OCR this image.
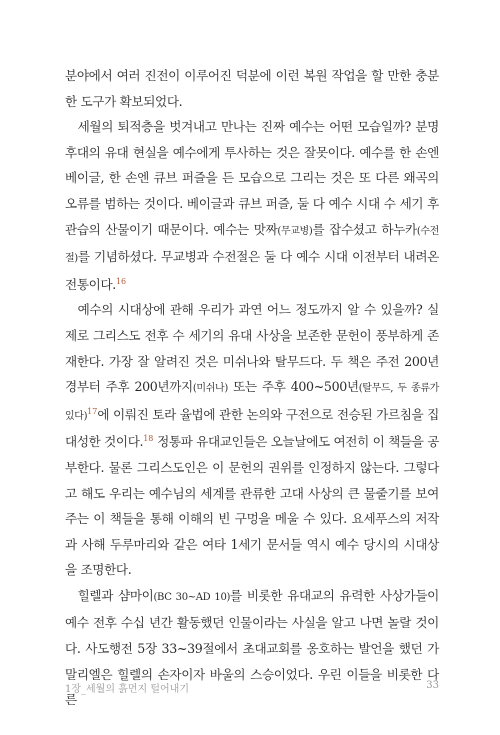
분야에서 여러 진전이 이루어진 덕분에 이런 복원 작업을 할 만한 충분한 도구가 확보되었다.

세월의 퇴적층을 벗겨내고 만나는 진짜 예수는 어떤 모습일까? 분명 후대의 유대 현실을 예수에게 투사하는 것은 잘못이다. 예수를 한 손엔 베이글, 한 손엔 큐브 퍼즐을 든 모습으로 그리는 것은 또 다른 왜곡의 오류를 범하는 것이다. 베이글과 큐브 퍼즐, 둘 다 예수 시대 수 세기 후 관습의 산물이기 때문이다. 예수는 맛짜(무교병)를 잡수셨고 하누카(수전절)를 기념하셨다. 무교병과 수전절은 둘 다 예수 시대 이전부터 내려온 전통이다.$^{16}$

예수의 시대상에 관해 우리가 과연 어느 정도까지 알 수 있을까? 실제로 그리스도 전후 수 세기의 유대 사상을 보존한 문헌이 풍부하게 존재한다. 가장 잘 알려진 것은 미쉬나와 탈무드다. 두 책은 주전 200년경부터 주후 200년까지(미쉬나) 또는 주후 400~500년(탈무드, 두 종류가 있다)$^{17}$에 이뤄진 토라 율법에 관한 논의와 구전으로 전승된 가르침을 집대성한 것이다.$^{18}$ 정통파 유대교인들은 오늘날에도 여전히 이 책들을 공부한다. 물론 그리스도인은 이 문헌의 권위를 인정하지 않는다. 그렇다고 해도 우리는 예수님의 세계를 관류한 고대 사상의 큰 물줄기를 보여주는 이 책들을 통해 이해의 빈 구멍을 메울 수 있다. 요세푸스의 저작과 사해 두루마리와 같은 여타 1세기 문서들 역시 예수 당시의 시대상을 조명한다.

힐렐과 샴마이(BC 30~AD 10)를 비롯한 유대교의 유력한 사상가들이 예수 전후 수십 년간 활동했던 인물이라는 사실을 알고 나면 놀랄 것이다. 사도행전 5장 33~39절에서 초대교회를 옹호하는 발언을 했던 가말리엘은 힐렐의 손자이자 바울의 스승이었다. 우린 이들을 비롯한 다른

1장_세월의 흙먼지 털어내기	33
